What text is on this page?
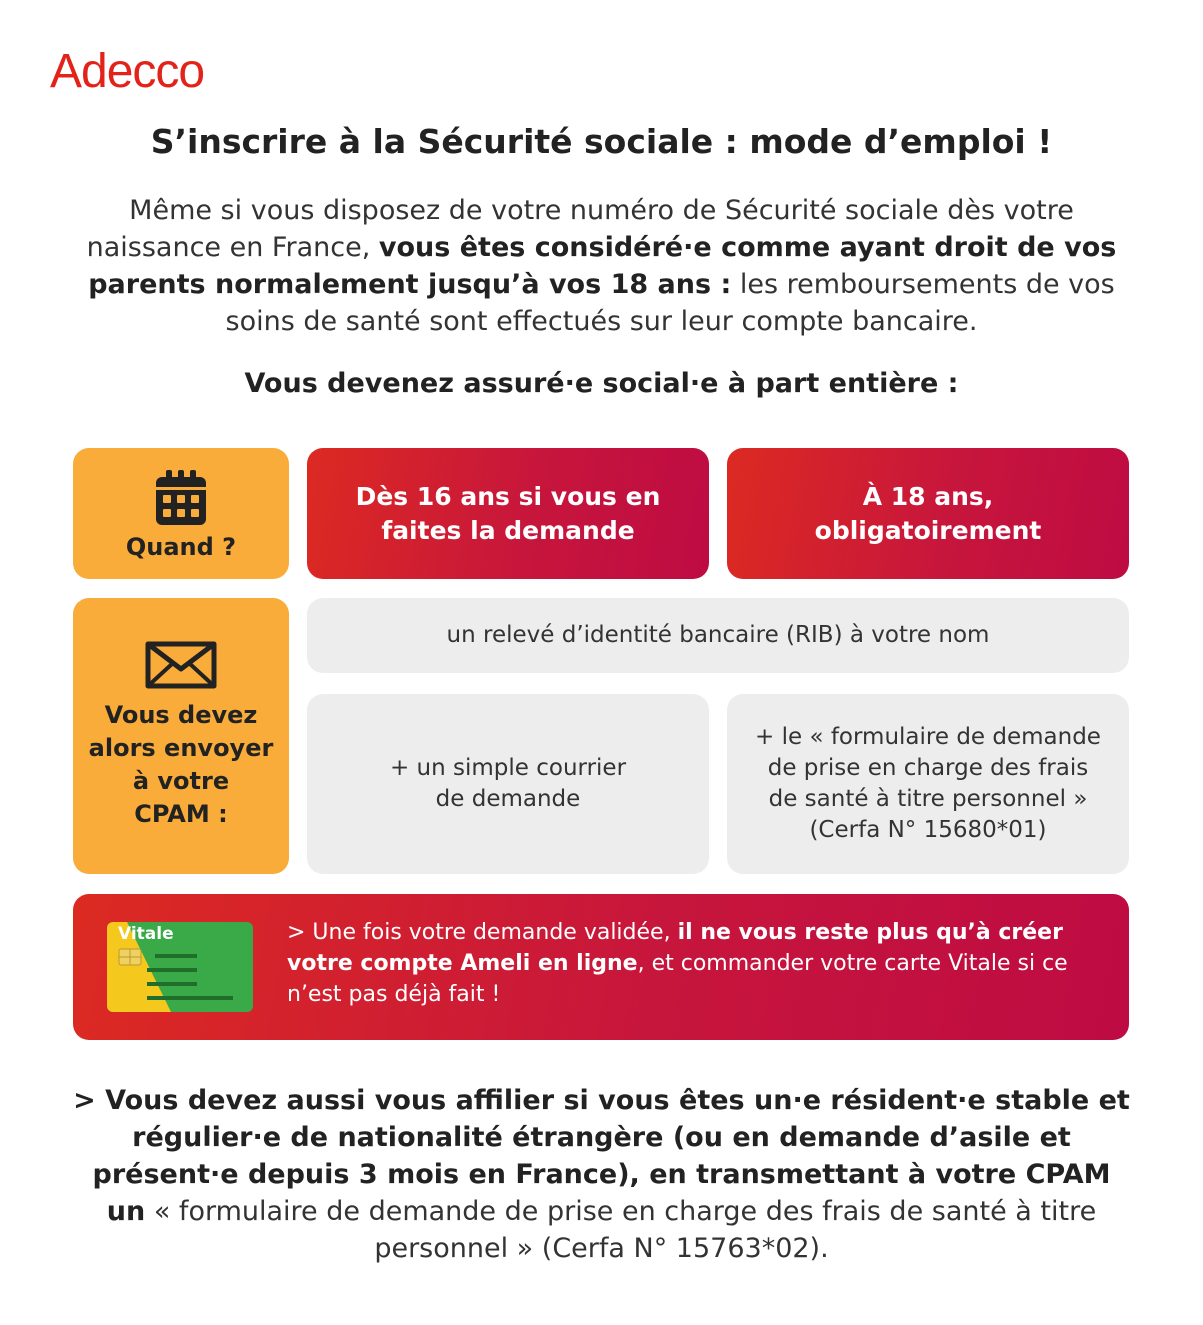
Adecco
S’inscrire à la Sécurité sociale : mode d’emploi !

Même si vous disposez de votre numéro de Sécurité sociale dès votre naissance en France, vous êtes considéré·e comme ayant droit de vos parents normalement jusqu’à vos 18 ans : les remboursements de vos soins de santé sont effectués sur leur compte bancaire.

Vous devenez assuré·e social·e à part entière :
Quand ?
Dès 16 ans si vous en
faites la demande
À 18 ans,
obligatoirement
Vous devez
alors envoyer
à votre
CPAM :
un relevé d’identité bancaire (RIB) à votre nom
+ un simple courrier
de demande
+ le « formulaire de demande
de prise en charge des frais
de santé à titre personnel »
(Cerfa N° 15680*01)
Vitale	> Une fois votre demande validée, il ne vous reste plus qu’à créer votre compte Ameli en ligne, et commander votre carte Vitale si ce n’est pas déjà fait !

> Vous devez aussi vous affilier si vous êtes un·e résident·e stable et régulier·e de nationalité étrangère (ou en demande d’asile et présent·e depuis 3 mois en France), en transmettant à votre CPAM un « formulaire de demande de prise en charge des frais de santé à titre personnel » (Cerfa N° 15763*02).
